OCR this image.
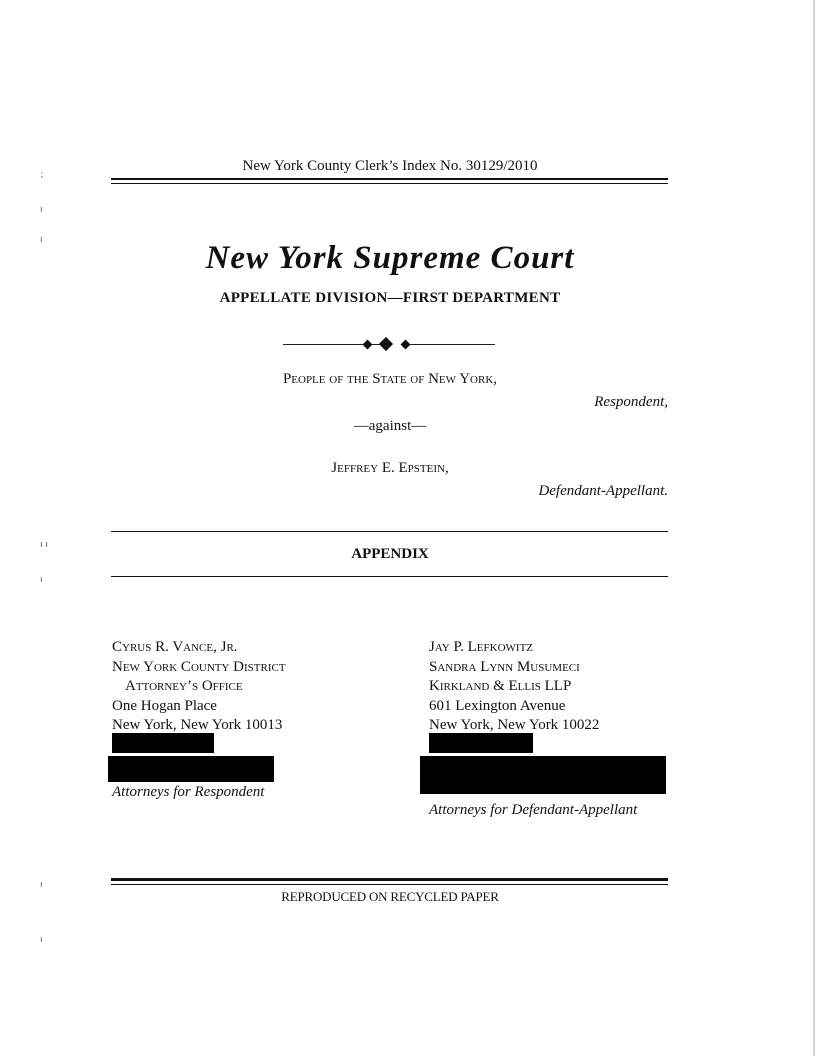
⁏
ı
ı
ı ı
ı
ı
ı
New York County Clerk’s Index No. 30129/2010
New York Supreme Court
APPELLATE DIVISION—FIRST DEPARTMENT
People of the State of New York,
Respondent,
—against—
Jeffrey E. Epstein,
Defendant-Appellant.
APPENDIX
Cyrus R. Vance, Jr.
New York County District
Attorney’s Office
One Hogan Place
New York, New York 10013
Attorneys for Respondent
Jay P. Lefkowitz
Sandra Lynn Musumeci
Kirkland & Ellis LLP
601 Lexington Avenue
New York, New York 10022
Attorneys for Defendant-Appellant
REPRODUCED ON RECYCLED PAPER
